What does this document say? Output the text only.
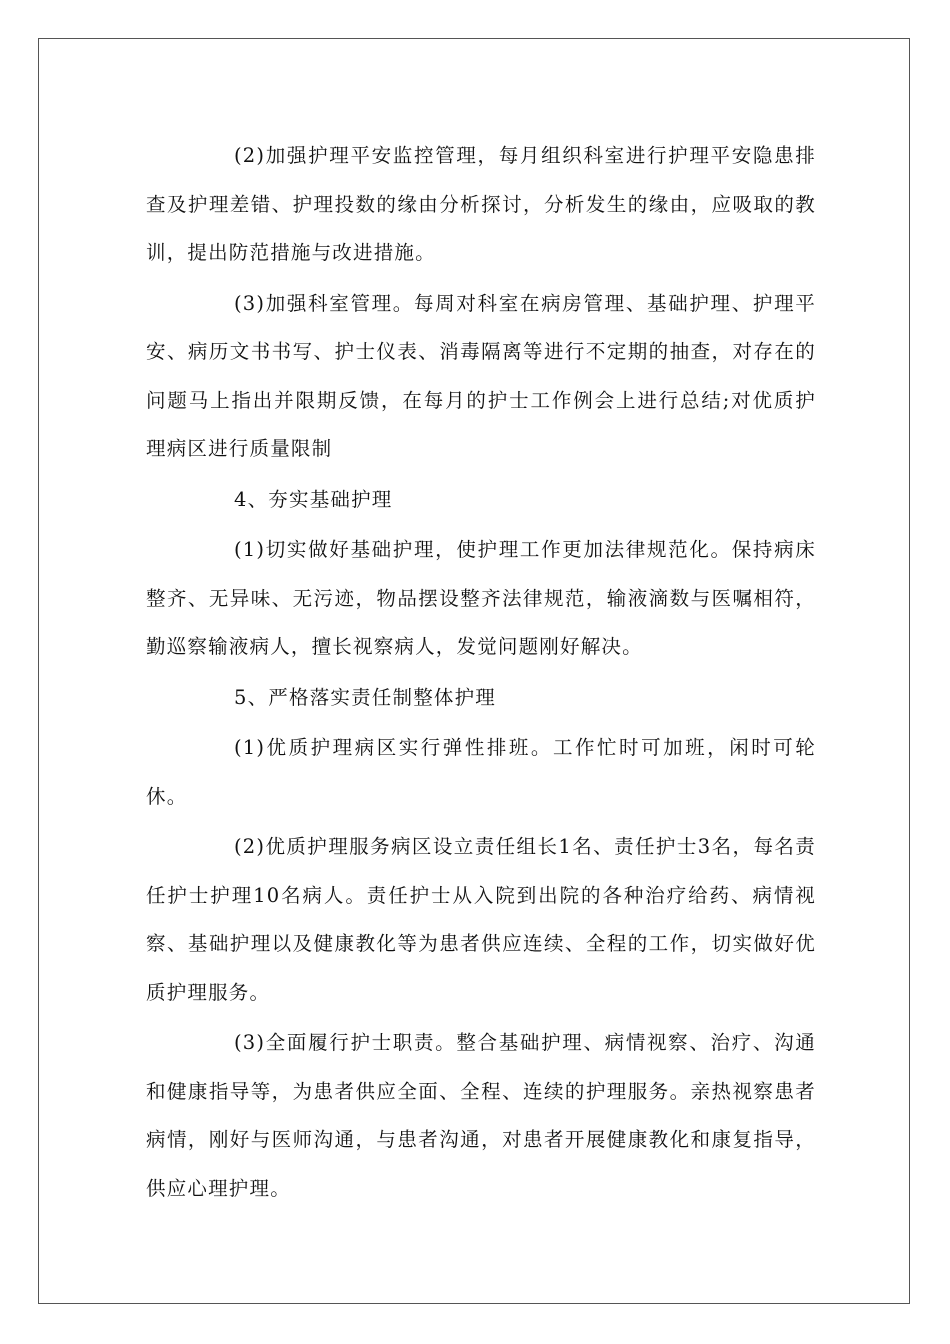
(2)加强护理平安监控管理，每月组织科室进行护理平安隐患排查及护理差错、护理投数的缘由分析探讨，分析发生的缘由，应吸取的教训，提出防范措施与改进措施。

(3)加强科室管理。每周对科室在病房管理、基础护理、护理平安、病历文书书写、护士仪表、消毒隔离等进行不定期的抽查，对存在的问题马上指出并限期反馈，在每月的护士工作例会上进行总结;对优质护理病区进行质量限制

4、夯实基础护理

(1)切实做好基础护理，使护理工作更加法律规范化。保持病床整齐、无异味、无污迹，物品摆设整齐法律规范，输液滴数与医嘱相符，勤巡察输液病人，擅长视察病人，发觉问题刚好解决。

5、严格落实责任制整体护理

(1)优质护理病区实行弹性排班。工作忙时可加班，闲时可轮休。

(2)优质护理服务病区设立责任组长1名、责任护士3名，每名责任护士护理10名病人。责任护士从入院到出院的各种治疗给药、病情视察、基础护理以及健康教化等为患者供应连续、全程的工作，切实做好优质护理服务。

(3)全面履行护士职责。整合基础护理、病情视察、治疗、沟通和健康指导等，为患者供应全面、全程、连续的护理服务。亲热视察患者病情，刚好与医师沟通，与患者沟通，对患者开展健康教化和康复指导，供应心理护理。
